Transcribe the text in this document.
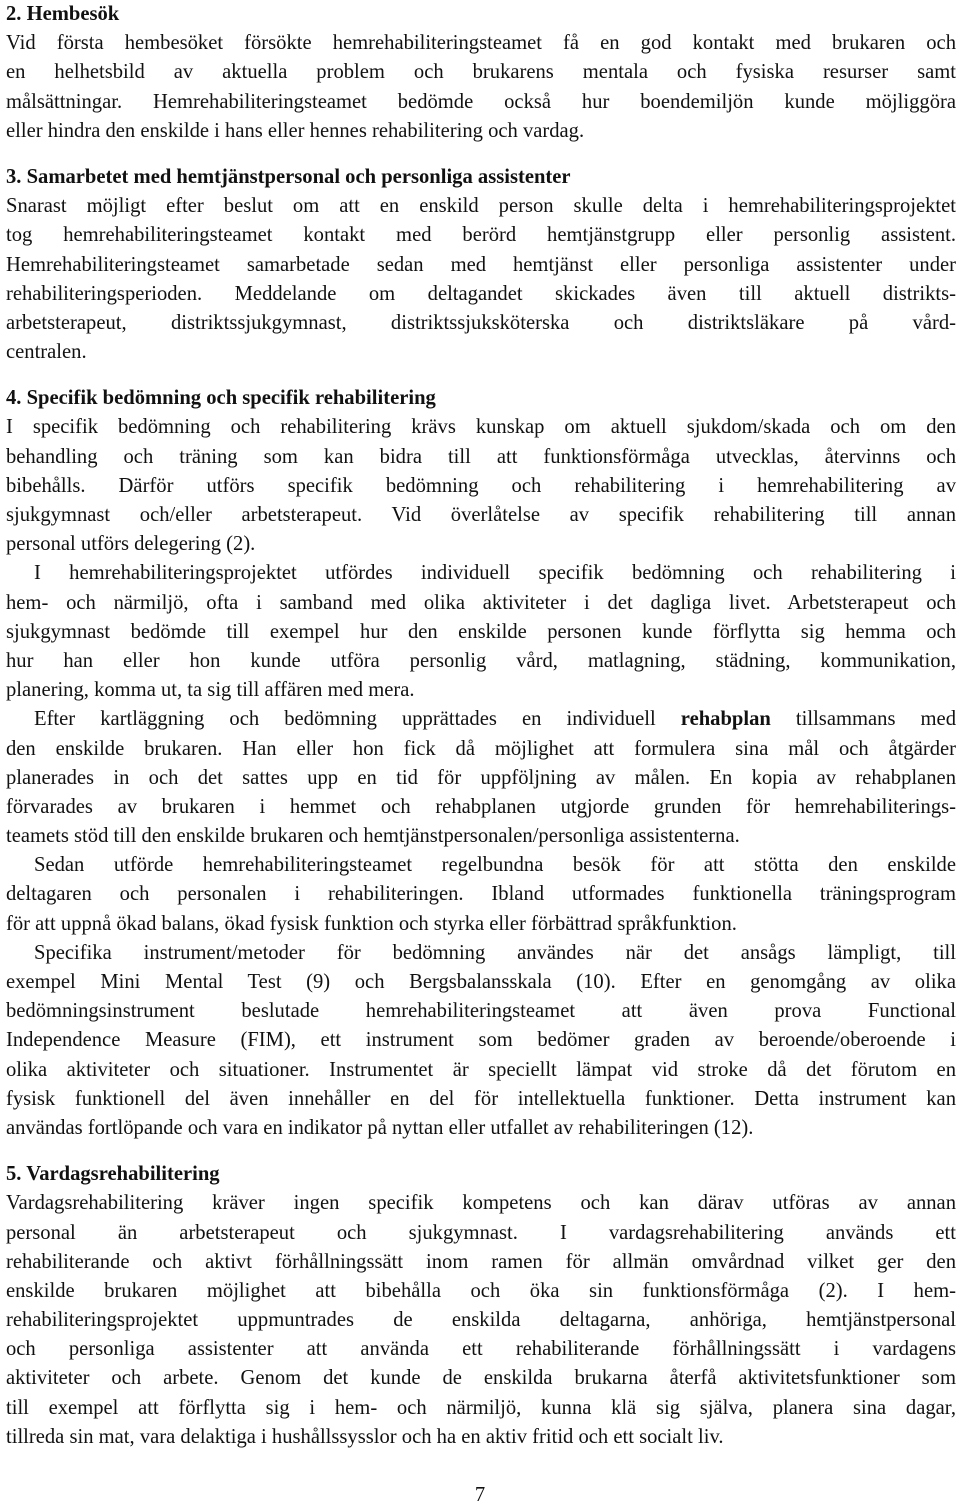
2. Hembesök
Vid första hembesöket försökte hemrehabiliteringsteamet få en god kontakt med brukaren och
en helhetsbild av aktuella problem och brukarens mentala och fysiska resurser samt
målsättningar. Hemrehabiliteringsteamet bedömde också hur boendemiljön kunde möjliggöra
eller hindra den enskilde i hans eller hennes rehabilitering och vardag.
3. Samarbetet med hemtjänstpersonal och personliga assistenter
Snarast möjligt efter beslut om att en enskild person skulle delta i hemrehabiliteringsprojektet
tog hemrehabiliteringsteamet kontakt med berörd hemtjänstgrupp eller personlig assistent.
Hemrehabiliteringsteamet samarbetade sedan med hemtjänst eller personliga assistenter under
rehabiliteringsperioden. Meddelande om deltagandet skickades även till aktuell distrikts-
arbetsterapeut, distriktssjukgymnast, distriktssjuksköterska och distriktsläkare på vård-
centralen.
4. Specifik bedömning och specifik rehabilitering
I specifik bedömning och rehabilitering krävs kunskap om aktuell sjukdom/skada och om den
behandling och träning som kan bidra till att funktionsförmåga utvecklas, återvinns och
bibehålls. Därför utförs specifik bedömning och rehabilitering i hemrehabilitering av
sjukgymnast och/eller arbetsterapeut. Vid överlåtelse av specifik rehabilitering till annan
personal utförs delegering (2).
I hemrehabiliteringsprojektet utfördes individuell specifik bedömning och rehabilitering i
hem- och närmiljö, ofta i samband med olika aktiviteter i det dagliga livet. Arbetsterapeut och
sjukgymnast bedömde till exempel hur den enskilde personen kunde förflytta sig hemma och
hur han eller hon kunde utföra personlig vård, matlagning, städning, kommunikation,
planering, komma ut, ta sig till affären med mera.
Efter kartläggning och bedömning upprättades en individuell rehabplan tillsammans med
den enskilde brukaren. Han eller hon fick då möjlighet att formulera sina mål och åtgärder
planerades in och det sattes upp en tid för uppföljning av målen. En kopia av rehabplanen
förvarades av brukaren i hemmet och rehabplanen utgjorde grunden för hemrehabiliterings-
teamets stöd till den enskilde brukaren och hemtjänstpersonalen/personliga assistenterna.
Sedan utförde hemrehabiliteringsteamet regelbundna besök för att stötta den enskilde
deltagaren och personalen i rehabiliteringen. Ibland utformades funktionella träningsprogram
för att uppnå ökad balans, ökad fysisk funktion och styrka eller förbättrad språkfunktion.
Specifika instrument/metoder för bedömning användes när det ansågs lämpligt, till
exempel Mini Mental Test (9) och Bergsbalansskala (10). Efter en genomgång av olika
bedömningsinstrument beslutade hemrehabiliteringsteamet att även prova Functional
Independence Measure (FIM), ett instrument som bedömer graden av beroende/oberoende i
olika aktiviteter och situationer. Instrumentet är speciellt lämpat vid stroke då det förutom en
fysisk funktionell del även innehåller en del för intellektuella funktioner. Detta instrument kan
användas fortlöpande och vara en indikator på nyttan eller utfallet av rehabiliteringen (12).
5. Vardagsrehabilitering
Vardagsrehabilitering kräver ingen specifik kompetens och kan därav utföras av annan
personal än arbetsterapeut och sjukgymnast. I vardagsrehabilitering används ett
rehabiliterande och aktivt förhållningssätt inom ramen för allmän omvårdnad vilket ger den
enskilde brukaren möjlighet att bibehålla och öka sin funktionsförmåga (2). I hem-
rehabiliteringsprojektet uppmuntrades de enskilda deltagarna, anhöriga, hemtjänstpersonal
och personliga assistenter att använda ett rehabiliterande förhållningssätt i vardagens
aktiviteter och arbete. Genom det kunde de enskilda brukarna återfå aktivitetsfunktioner som
till exempel att förflytta sig i hem- och närmiljö, kunna klä sig själva, planera sina dagar,
tillreda sin mat, vara delaktiga i hushållssysslor och ha en aktiv fritid och ett socialt liv.
7
